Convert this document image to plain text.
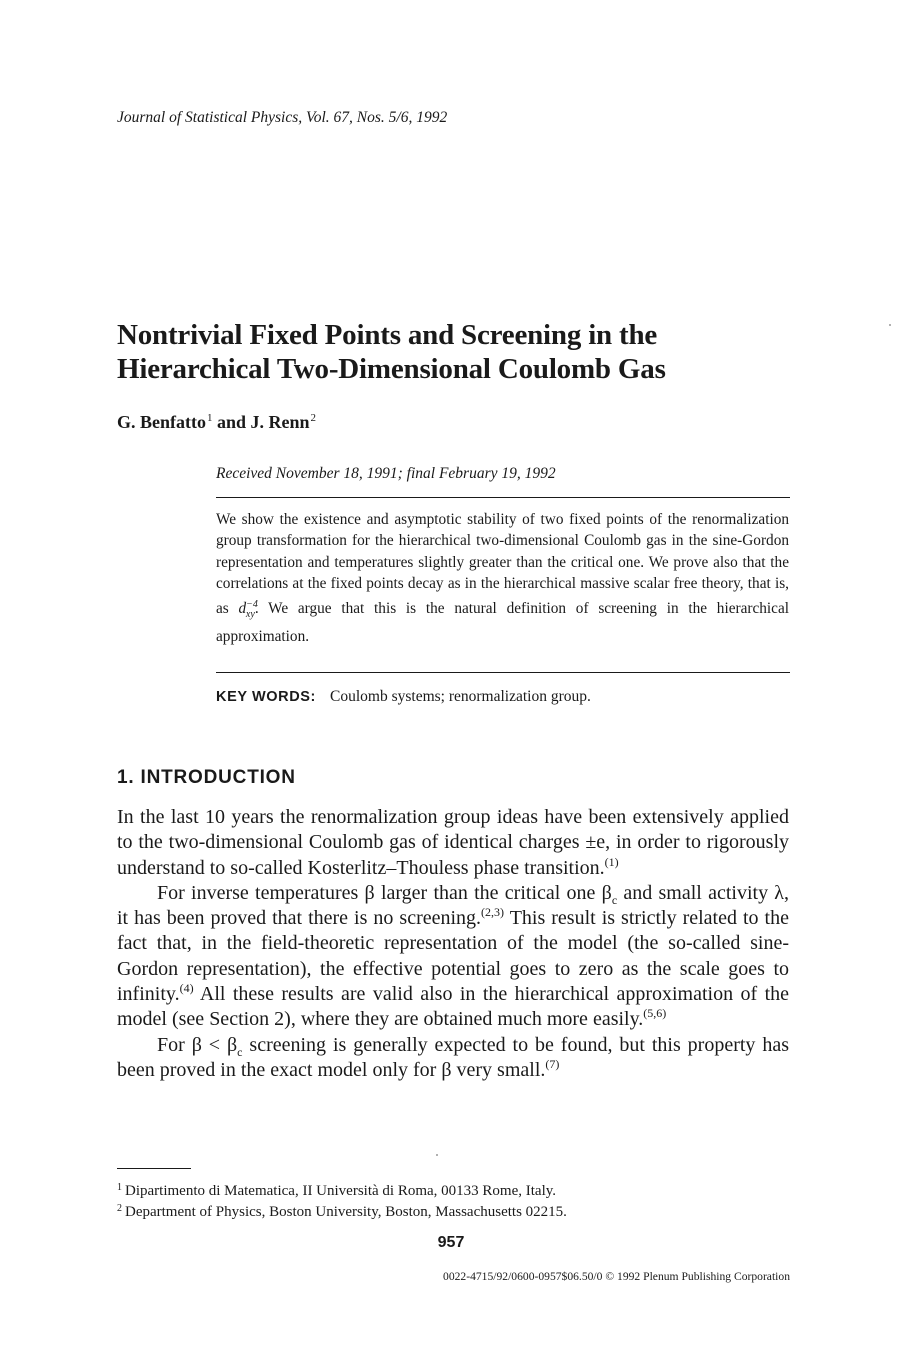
Journal of Statistical Physics, Vol. 67, Nos. 5/6, 1992
Nontrivial Fixed Points and Screening in the
Hierarchical Two-Dimensional Coulomb Gas
G. Benfatto$^1$ and J. Renn$^2$
Received November 18, 1991; final February 19, 1992
We show the existence and asymptotic stability of two fixed points of the renormalization group transformation for the hierarchical two-dimensional Coulomb gas in the sine-Gordon representation and temperatures slightly greater than the critical one. We prove also that the correlations at the fixed points decay as in the hierarchical massive scalar free theory, that is, as $d^{-4}_{xy}$. We argue that this is the natural definition of screening in the hierarchical approximation.
KEY WORDS: Coulomb systems; renormalization group.
1. INTRODUCTION

In the last 10 years the renormalization group ideas have been extensively applied to the two-dimensional Coulomb gas of identical charges ±e, in order to rigorously understand to so-called Kosterlitz–Thouless phase transition.$^{(1)}$

For inverse temperatures β larger than the critical one $\beta_c$ and small activity λ, it has been proved that there is no screening.$^{(2,3)}$ This result is strictly related to the fact that, in the field-theoretic representation of the model (the so-called sine-Gordon representation), the effective potential goes to zero as the scale goes to infinity.$^{(4)}$ All these results are valid also in the hierarchical approximation of the model (see Section 2), where they are obtained much more easily.$^{(5,6)}$

For $\beta < \beta_c$ screening is generally expected to be found, but this property has been proved in the exact model only for β very small.$^{(7)}$

$^1$ Dipartimento di Matematica, II Università di Roma, 00133 Rome, Italy.
$^2$ Department of Physics, Boston University, Boston, Massachusetts 02215.
957
0022-4715/92/0600-0957$06.50/0 © 1992 Plenum Publishing Corporation
